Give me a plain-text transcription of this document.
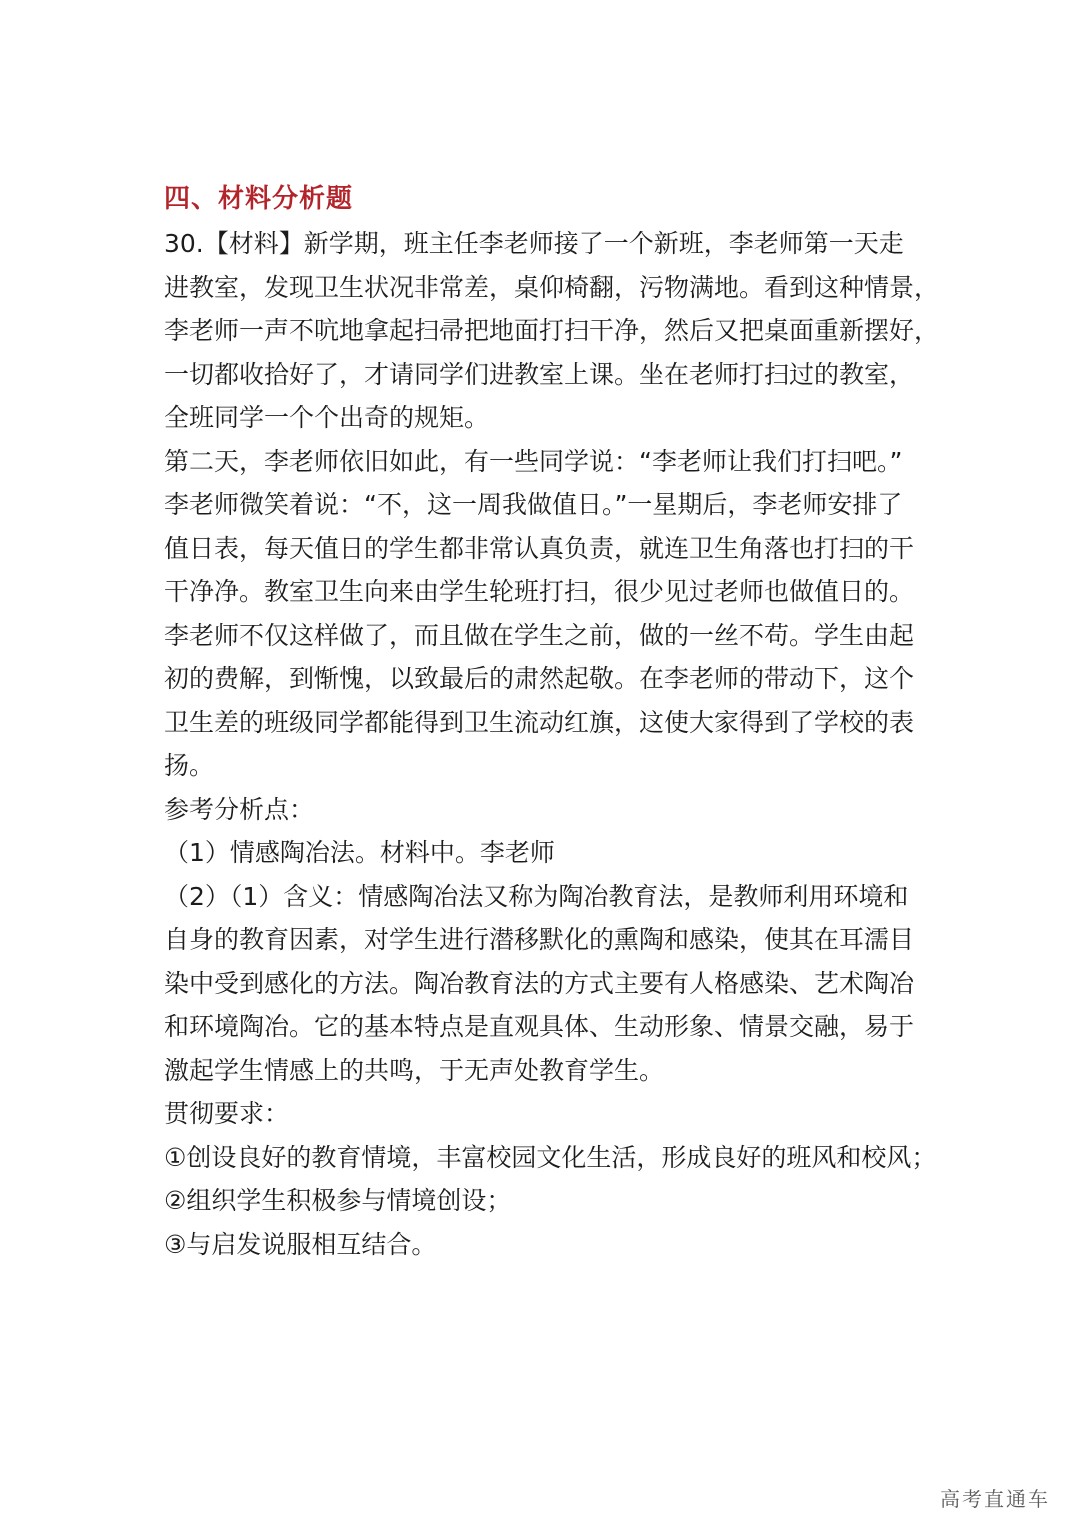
四、材料分析题

30.【材料】新学期，班主任李老师接了一个新班，李老师第一天走

进教室，发现卫生状况非常差，桌仰椅翻，污物满地。看到这种情景，

李老师一声不吭地拿起扫帚把地面打扫干净，然后又把桌面重新摆好，

一切都收拾好了，才请同学们进教室上课。坐在老师打扫过的教室，

全班同学一个个出奇的规矩。

第二天，李老师依旧如此，有一些同学说：“李老师让我们打扫吧。”

李老师微笑着说：“不，这一周我做值日。”一星期后，李老师安排了

值日表，每天值日的学生都非常认真负责，就连卫生角落也打扫的干

干净净。教室卫生向来由学生轮班打扫，很少见过老师也做值日的。

李老师不仅这样做了，而且做在学生之前，做的一丝不苟。学生由起

初的费解，到惭愧，以致最后的肃然起敬。在李老师的带动下，这个

卫生差的班级同学都能得到卫生流动红旗，这使大家得到了学校的表

扬。

参考分析点：

（1）情感陶冶法。材料中。李老师

（2）（1）含义：情感陶冶法又称为陶冶教育法，是教师利用环境和

自身的教育因素，对学生进行潜移默化的熏陶和感染，使其在耳濡目

染中受到感化的方法。陶冶教育法的方式主要有人格感染、艺术陶冶

和环境陶冶。它的基本特点是直观具体、生动形象、情景交融，易于

激起学生情感上的共鸣，于无声处教育学生。

贯彻要求：

①创设良好的教育情境，丰富校园文化生活，形成良好的班风和校风；

②组织学生积极参与情境创设；

③与启发说服相互结合。

高考直通车
